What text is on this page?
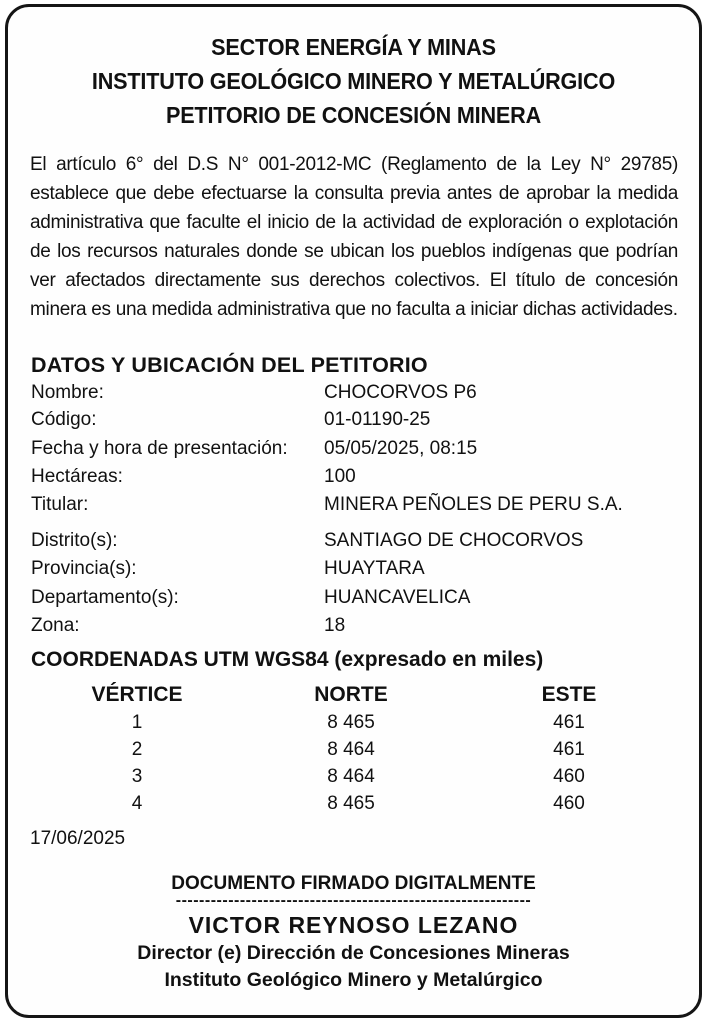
SECTOR ENERGÍA Y MINAS
INSTITUTO GEOLÓGICO MINERO Y METALÚRGICO
PETITORIO DE CONCESIÓN MINERA

El artículo 6° del D.S N° 001-2012-MC (Reglamento de la Ley N° 29785) establece que debe efectuarse la consulta previa antes de aprobar la medida administrativa que faculte el inicio de la actividad de exploración o explotación de los recursos naturales donde se ubican los pueblos indígenas que podrían ver afectados directamente sus derechos colectivos. El título de concesión minera es una medida administrativa que no faculta a iniciar dichas actividades.

DATOS Y UBICACIÓN DEL PETITORIO
Nombre:	CHOCORVOS P6
Código:	01-01190-25
Fecha y hora de presentación: 05/05/2025, 08:15
Hectáreas:	100
Titular:	MINERA PEÑOLES DE PERU S.A.
Distrito(s):	SANTIAGO DE CHOCORVOS
Provincia(s):	HUAYTARA
Departamento(s):	HUANCAVELICA
Zona:	18
COORDENADAS UTM WGS84 (expresado en miles)
VÉRTICE	NORTE	ESTE
1	8 465	461
2	8 464	461
3	8 464	460
4	8 465	460
17/06/2025
DOCUMENTO FIRMADO DIGITALMENTE
-------------------------------------------------------------
VICTOR REYNOSO LEZANO
Director (e) Dirección de Concesiones Mineras
Instituto Geológico Minero y Metalúrgico
